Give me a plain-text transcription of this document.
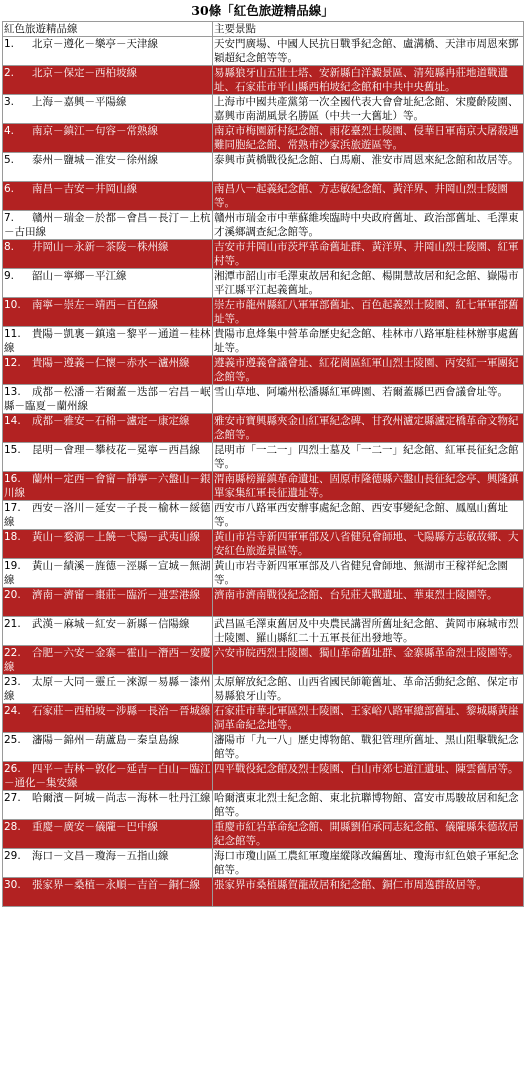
30條「紅色旅遊精品線」
紅色旅遊精品線	主要景點
1. 北京－遵化－樂亭－天津線	天安門廣場、中國人民抗日戰爭紀念館、盧溝橋、天津市周恩來鄧穎超紀念館等等。
2. 北京－保定－西柏坡線	易縣狼牙山五壯士塔、安新縣白洋澱景區、清苑縣冉莊地道戰遺址、石家莊市平山縣西柏坡紀念館和中共中央舊址。
3. 上海－嘉興－平陽線	上海市中國共產黨第一次全國代表大會會址紀念館、宋慶齡陵園、嘉興市南湖風景名勝區（中共一大舊址）等。
4. 南京－鎮江－句容－常熟線	南京市梅園新村紀念館、雨花臺烈士陵園、侵華日軍南京大屠殺遇難同胞紀念館、常熟市沙家浜旅遊區等。
5. 泰州－鹽城－淮安－徐州線	泰興市黃橋戰役紀念館、白馬廟、淮安市周恩來紀念館和故居等。
6. 南昌－吉安－井岡山線	南昌八一起義紀念館、方志敏紀念館、黃洋界、井岡山烈士陵園等。
7. 贛州－瑞金－於都－會昌－長汀－上杭－古田線	贛州市瑞金市中華蘇維埃臨時中央政府舊址、政治部舊址、毛澤東才溪鄉調查紀念館等。
8. 井岡山－永新－茶陵－株州線	吉安市井岡山市茨坪革命舊址群、黃洋界、井岡山烈士陵園、紅軍村等。
9. 韶山－寧鄉－平江線	湘潭市韶山市毛澤東故居和紀念館、楊開慧故居和紀念館、嶽陽市平江縣平江起義舊址。
10. 南寧－崇左－靖西－百色線	崇左市龍州縣紅八軍軍部舊址、百色起義烈士陵園、紅七軍軍部舊址等。
11. 貴陽－凱裏－鎮遠－黎平－通道－桂林線	貴陽市息烽集中營革命歷史紀念館、桂林市八路軍駐桂林辦事處舊址等。
12. 貴陽－遵義－仁懷－赤水－瀘州線	遵義市遵義會議會址、紅花崗區紅軍山烈士陵園、丙安紅一軍團紀念館等。
13. 成都－松潘－若爾蓋－迭部－宕昌－岷縣－臨夏－蘭州線	雪山草地、阿壩州松潘縣紅軍碑園、若爾蓋縣巴西會議會址等。
14. 成都－雅安－石棉－瀘定－康定線	雅安市寶興縣夾金山紅軍紀念碑、甘孜州瀘定縣瀘定橋革命文物紀念館等。
15. 昆明－會理－攀枝花－冕寧－西昌線	昆明市「一二一」四烈士墓及「一二一」紀念館、紅軍長征紀念館等。
16. 蘭州－定西－會甯－靜寧－六盤山－銀川線	渭南縣榜羅鎮革命遺址、固原市隆德縣六盤山長征紀念亭、興隆鎮單家集紅軍長征遺址等。
17. 西安－洛川－延安－子長－榆林－綏德線	西安市八路軍西安辦事處紀念館、西安事變紀念館、鳳凰山舊址等。
18. 黃山－婺源－上饒－弋陽－武夷山線	黃山市岩寺新四軍軍部及八省健兒會師地、弋陽縣方志敏故鄉、大安紅色旅遊景區等。
19. 黃山－績溪－旌德－涇縣－宣城－無湖線	黃山市岩寺新四軍軍部及八省健兒會師地、無湖市王稼祥紀念園等。
20. 濟南－濟甯－棗莊－臨沂－連雲港線	濟南市濟南戰役紀念館、台兒莊大戰遺址、華東烈士陵園等。
21. 武漢－麻城－紅安－新縣－信陽線	武昌區毛澤東舊居及中央農民講習所舊址紀念館、黃岡市麻城市烈士陵園、羅山縣紅二十五軍長征出發地等。
22. 合肥－六安－金寨－霍山－潛西－安慶線	六安市皖西烈士陵園、獨山革命舊址群、金寨縣革命烈士陵園等。
23. 太原－大同－靈丘－淶源－易縣－漆州線	太原解放紀念館、山西省國民師範舊址、革命活動紀念館、保定市易縣狼牙山等。
24. 石家莊－西柏坡－涉縣－長治－晉城線	石家莊市華北軍區烈士陵園、王家峪八路軍總部舊址、黎城縣黃崖洞革命紀念地等。
25. 瀋陽－錦州－葫蘆島－秦皇島線	瀋陽市「九一八」歷史博物館、戰犯管理所舊址、黑山阻擊戰紀念館等。
26. 四平－吉林－敦化－延吉－白山－臨江－通化－集安線	四平戰役紀念館及烈士陵園、白山市郊七道江遺址、陳雲舊居等。
27. 哈爾濱－阿城－尚志－海林－牡丹江線	哈爾濱東北烈士紀念館、東北抗聯博物館、富安市馬駿故居和紀念館等。
28. 重慶－廣安－儀隴－巴中線	重慶市紅岩革命紀念館、開縣劉伯承同志紀念館、儀隴縣朱德故居紀念館等。
29. 海口－文昌－瓊海－五指山線	海口市瓊山區工農紅軍瓊崖縱隊改編舊址、瓊海市紅色娘子軍紀念館等。
30. 張家界－桑植－永順－吉首－銅仁線	張家界市桑植縣賀龍故居和紀念館、銅仁市周逸群故居等。
